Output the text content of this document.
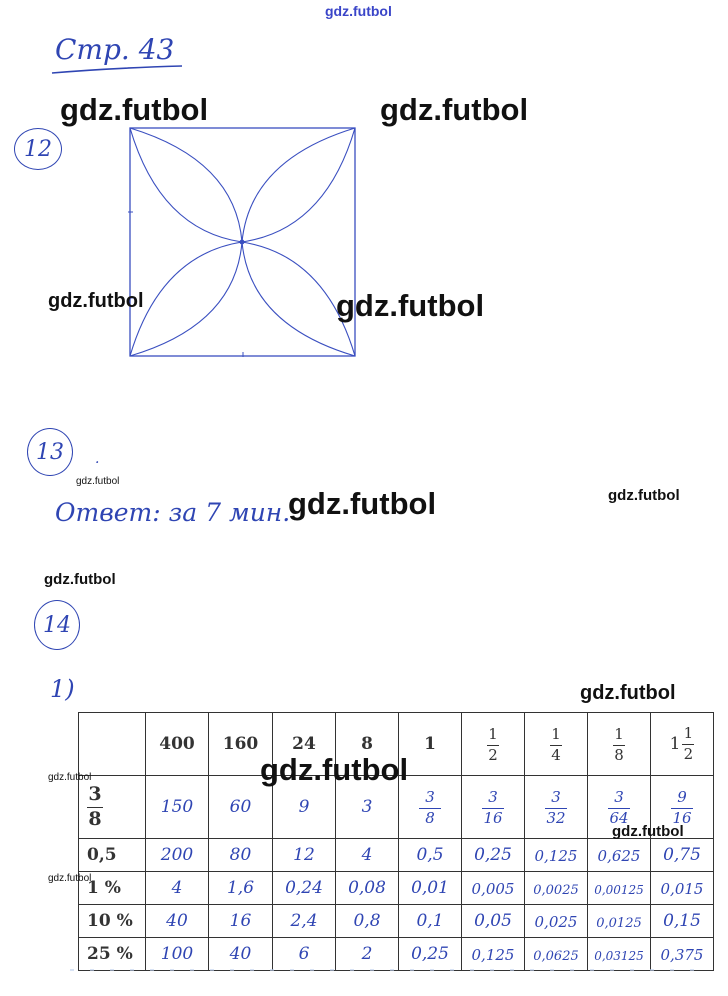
gdz.futbol
Стр. 43
12
13	·
Ответ: за 7 мин.
14
1)
	400	160	24	8	1	$\frac{1}{2}$	$\frac{1}{4}$	$\frac{1}{8}$	$1 \frac{1}{2}$

$\frac{3}{8}$	150	60	9	3	$\frac{3}{8}$	$\frac{3}{16}$	$\frac{3}{32}$	$\frac{3}{64}$	$\frac{9}{16}$

0,5	200	80	12	4	0,5	0,25	0,125	0,625	0,75
1 %	4	1,6	0,24	0,08	0,01	0,005	0,0025	0,00125	0,015
10 %	40	16	2,4	0,8	0,1	0,05	0,025	0,0125	0,15
25 %	100	40	6	2	0,25	0,125	0,0625	0,03125	0,375
gdz.futbol	gdz.futbol
gdz.futbol	gdz.futbol
gdz.futbol
gdz.futbol	gdz.futbol
gdz.futbol
gdz.futbol
gdz.futbol
gdz.futbol
gdz.futbol
gdz.futbol
